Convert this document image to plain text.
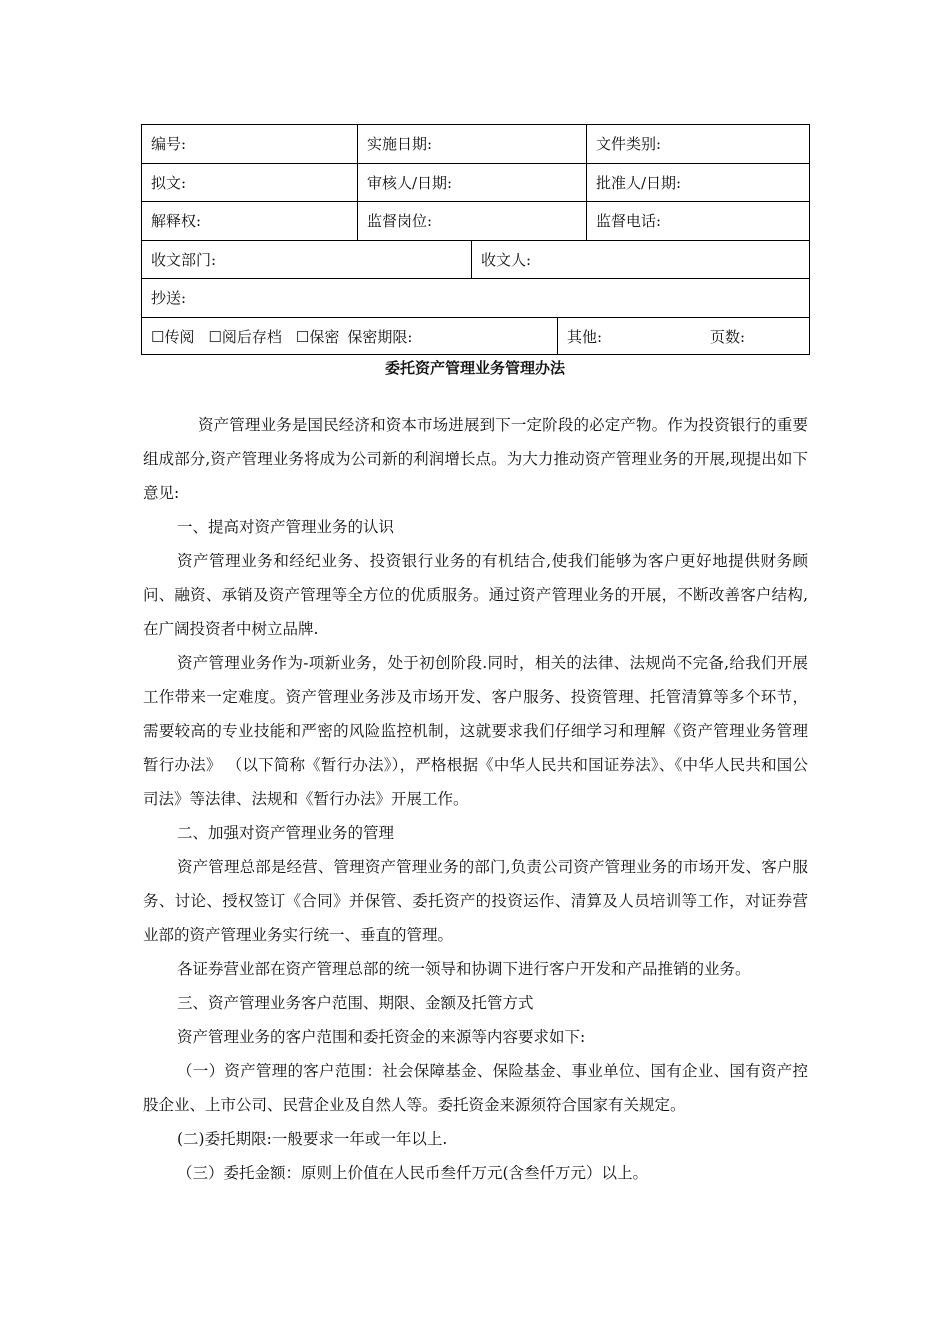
编号:	实施日期:	文件类别:
拟文:	审核人/日期:	批准人/日期:
解释权:	监督岗位:	监督电话:
收文部门:	收文人:
抄送:
☐传阅 ☐阅后存档 ☐保密 保密期限:	其他:	页数:
委托资产管理业务管理办法

资产管理业务是国民经济和资本市场进展到下一定阶段的必定产物。作为投资银行的重要组成部分,资产管理业务将成为公司新的利润增长点。为大力推动资产管理业务的开展,现提出如下意见:

一、提高对资产管理业务的认识

资产管理业务和经纪业务、投资银行业务的有机结合,使我们能够为客户更好地提供财务顾问、融资、承销及资产管理等全方位的优质服务。通过资产管理业务的开展，不断改善客户结构,在广阔投资者中树立品牌.

资产管理业务作为-项新业务，处于初创阶段.同时，相关的法律、法规尚不完备,给我们开展工作带来一定难度。资产管理业务涉及市场开发、客户服务、投资管理、托管清算等多个环节，需要较高的专业技能和严密的风险监控机制，这就要求我们仔细学习和理解《资产管理业务管理暂行办法》 （以下简称《暂行办法》），严格根据《中华人民共和国证券法》、《中华人民共和国公司法》等法律、法规和《暂行办法》开展工作。

二、加强对资产管理业务的管理

资产管理总部是经营、管理资产管理业务的部门,负责公司资产管理业务的市场开发、客户服务、讨论、授权签订《合同》并保管、委托资产的投资运作、清算及人员培训等工作，对证券营业部的资产管理业务实行统一、垂直的管理。

各证券营业部在资产管理总部的统一领导和协调下进行客户开发和产品推销的业务。

三、资产管理业务客户范围、期限、金额及托管方式

资产管理业务的客户范围和委托资金的来源等内容要求如下:

（一）资产管理的客户范围：社会保障基金、保险基金、事业单位、国有企业、国有资产控股企业、上市公司、民营企业及自然人等。委托资金来源须符合国家有关规定。

(二)委托期限:一般要求一年或一年以上.

（三）委托金额：原则上价值在人民币叁仟万元(含叁仟万元）以上。
